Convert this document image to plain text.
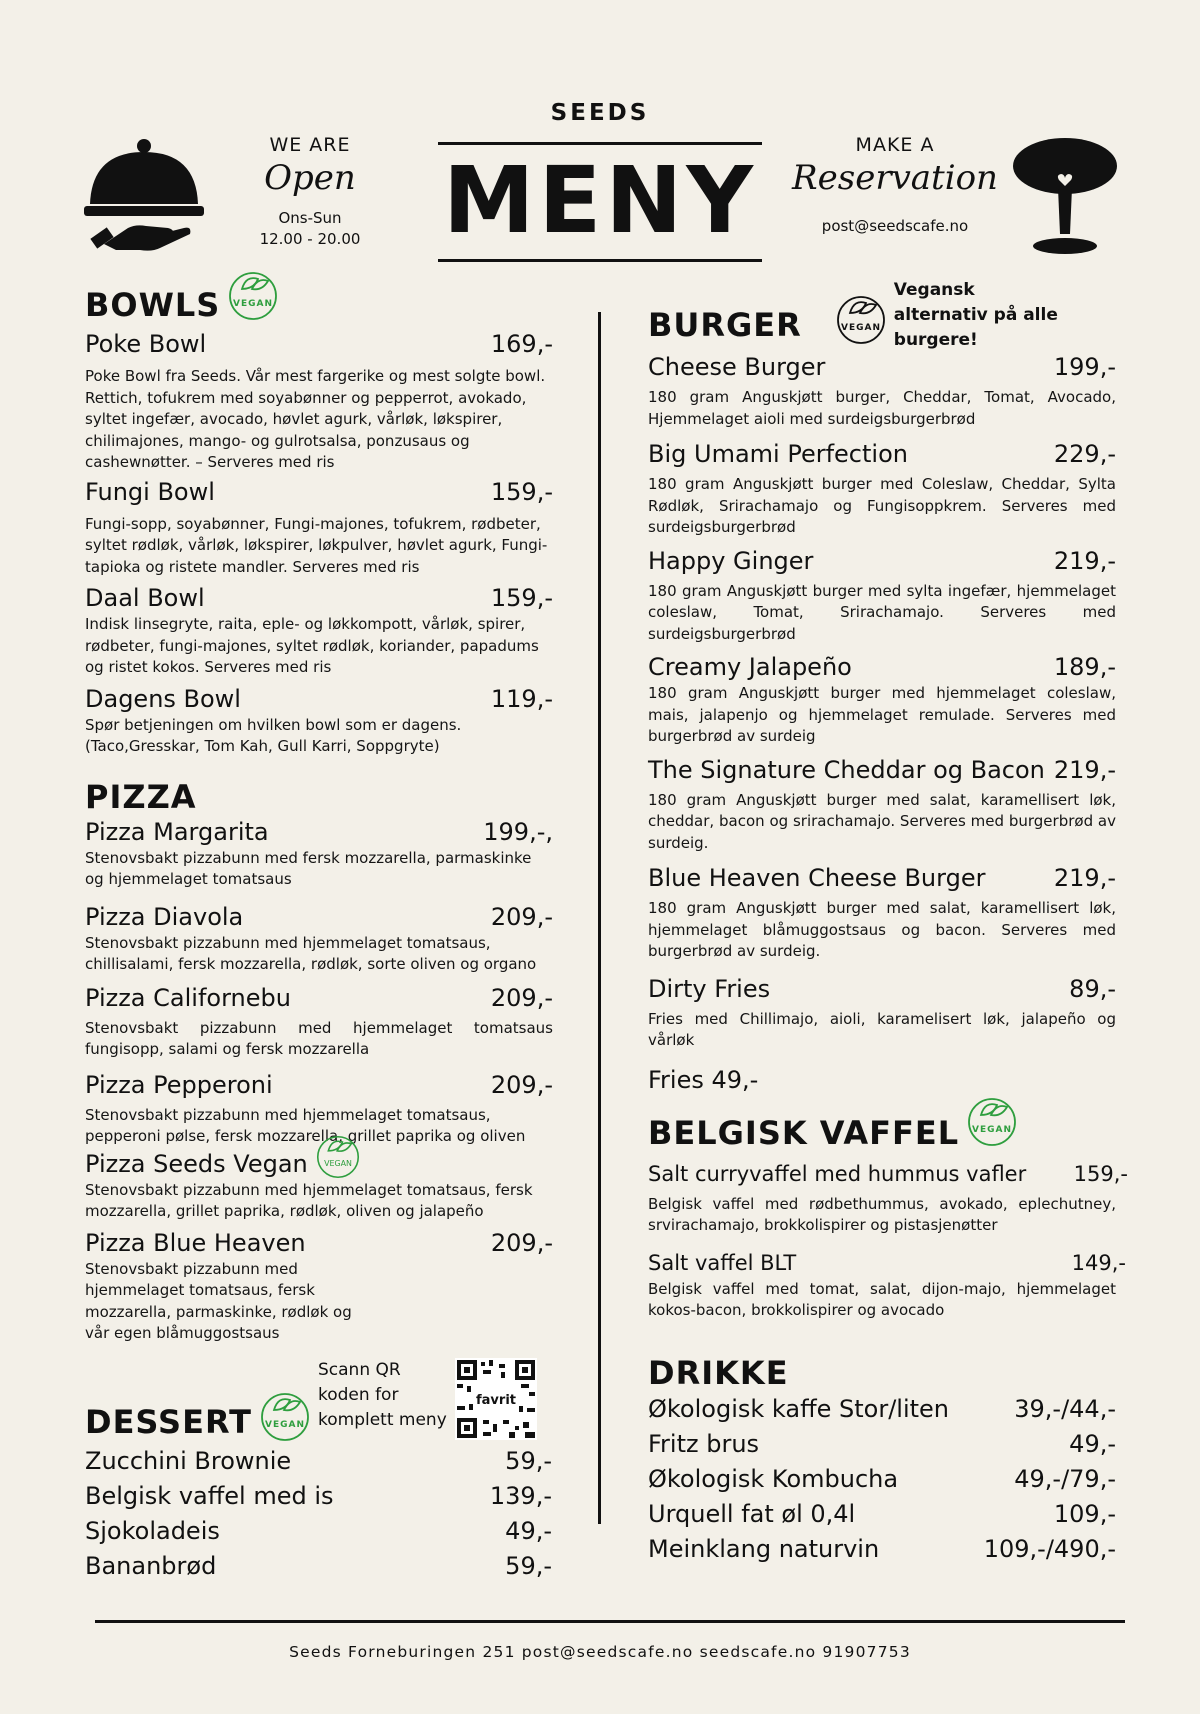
WE ARE
Open
Ons-Sun
12.00 - 20.00
SEEDS
MENY
MAKE A
Reservation
post@seedscafe.no
BOWLS VEGAN
Poke Bowl	169,-
Poke Bowl fra Seeds. Vår mest fargerike og mest solgte bowl. Rettich, tofukrem med soyabønner og pepperrot, avokado, syltet ingefær, avocado, høvlet agurk, vårløk, løkspirer, chilimajones, mango- og gulrotsalsa, ponzusaus og cashewnøtter. – Serveres med ris
Fungi Bowl	159,-
Fungi-sopp, soyabønner, Fungi-majones, tofukrem, rødbeter, syltet rødløk, vårløk, løkspirer, løkpulver, høvlet agurk, Fungi-tapioka og ristete mandler. Serveres med ris
Daal Bowl	159,-
Indisk linsegryte, raita, eple- og løkkompott, vårløk, spirer, rødbeter, fungi-majones, syltet rødløk, koriander, papadums og ristet kokos. Serveres med ris
Dagens Bowl	119,-
Spør betjeningen om hvilken bowl som er dagens. (Taco,Gresskar, Tom Kah, Gull Karri, Soppgryte)
PIZZA
Pizza Margarita	199,-,
Stenovsbakt pizzabunn med fersk mozzarella, parmaskinke og hjemmelaget tomatsaus
Pizza Diavola	209,-
Stenovsbakt pizzabunn med hjemmelaget tomatsaus, chillisalami, fersk mozzarella, rødløk, sorte oliven og organo
Pizza Californebu	209,-
Stenovsbakt pizzabunn med hjemmelaget tomatsaus fungisopp, salami og fersk mozzarella
Pizza Pepperoni	209,-
Stenovsbakt pizzabunn med hjemmelaget tomatsaus, pepperoni pølse, fersk mozzarella, grillet paprika og oliven
Pizza Seeds Vegan VEGAN
Stenovsbakt pizzabunn med hjemmelaget tomatsaus, fersk mozzarella, grillet paprika, rødløk, oliven og jalapeño
Pizza Blue Heaven	209,-
Stenovsbakt pizzabunn med hjemmelaget tomatsaus, fersk mozzarella, parmaskinke, rødløk og vår egen blåmuggostsaus
Scann QR koden for komplett meny
favrit
DESSERT VEGAN
Zucchini Brownie	59,-
Belgisk vaffel med is	139,-
Sjokoladeis	49,-
Bananbrød	59,-
BURGER	VEGAN
Vegansk alternativ på alle burgere!
Cheese Burger	199,-
180 gram Anguskjøtt burger, Cheddar, Tomat, Avocado, Hjemmelaget aioli med surdeigsburgerbrød
Big Umami Perfection	229,-
180 gram Anguskjøtt burger med Coleslaw, Cheddar, Sylta Rødløk, Srirachamajo og Fungisoppkrem. Serveres med surdeigsburgerbrød
Happy Ginger	219,-
180 gram Anguskjøtt burger med sylta ingefær, hjemmelaget coleslaw, Tomat, Srirachamajo. Serveres med surdeigsburgerbrød
Creamy Jalapeño	189,-
180 gram Anguskjøtt burger med hjemmelaget coleslaw, mais, jalapenjo og hjemmelaget remulade. Serveres med burgerbrød av surdeig
The Signature Cheddar og Bacon 219,-
180 gram Anguskjøtt burger med salat, karamellisert løk, cheddar, bacon og srirachamajo. Serveres med burgerbrød av surdeig.
Blue Heaven Cheese Burger	219,-
180 gram Anguskjøtt burger med salat, karamellisert løk, hjemmelaget blåmuggostsaus og bacon. Serveres med burgerbrød av surdeig.
Dirty Fries	89,-
Fries med Chillimajo, aioli, karamelisert løk, jalapeño og vårløk
Fries 49,-
BELGISK VAFFEL VEGAN
Salt curryvaffel med hummus vafler 159,-
Belgisk vaffel med rødbethummus, avokado, eplechutney, srvirachamajo, brokkolispirer og pistasjenøtter
Salt vaffel BLT	149,-
Belgisk vaffel med tomat, salat, dijon-majo, hjemmelaget kokos-bacon, brokkolispirer og avocado
DRIKKE
Økologisk kaffe Stor/liten	39,-/44,-
Fritz brus	49,-
Økologisk Kombucha	49,-/79,-
Urquell fat øl 0,4l	109,-
Meinklang naturvin	109,-/490,-
Seeds Forneburingen 251 post@seedscafe.no seedscafe.no 91907753
